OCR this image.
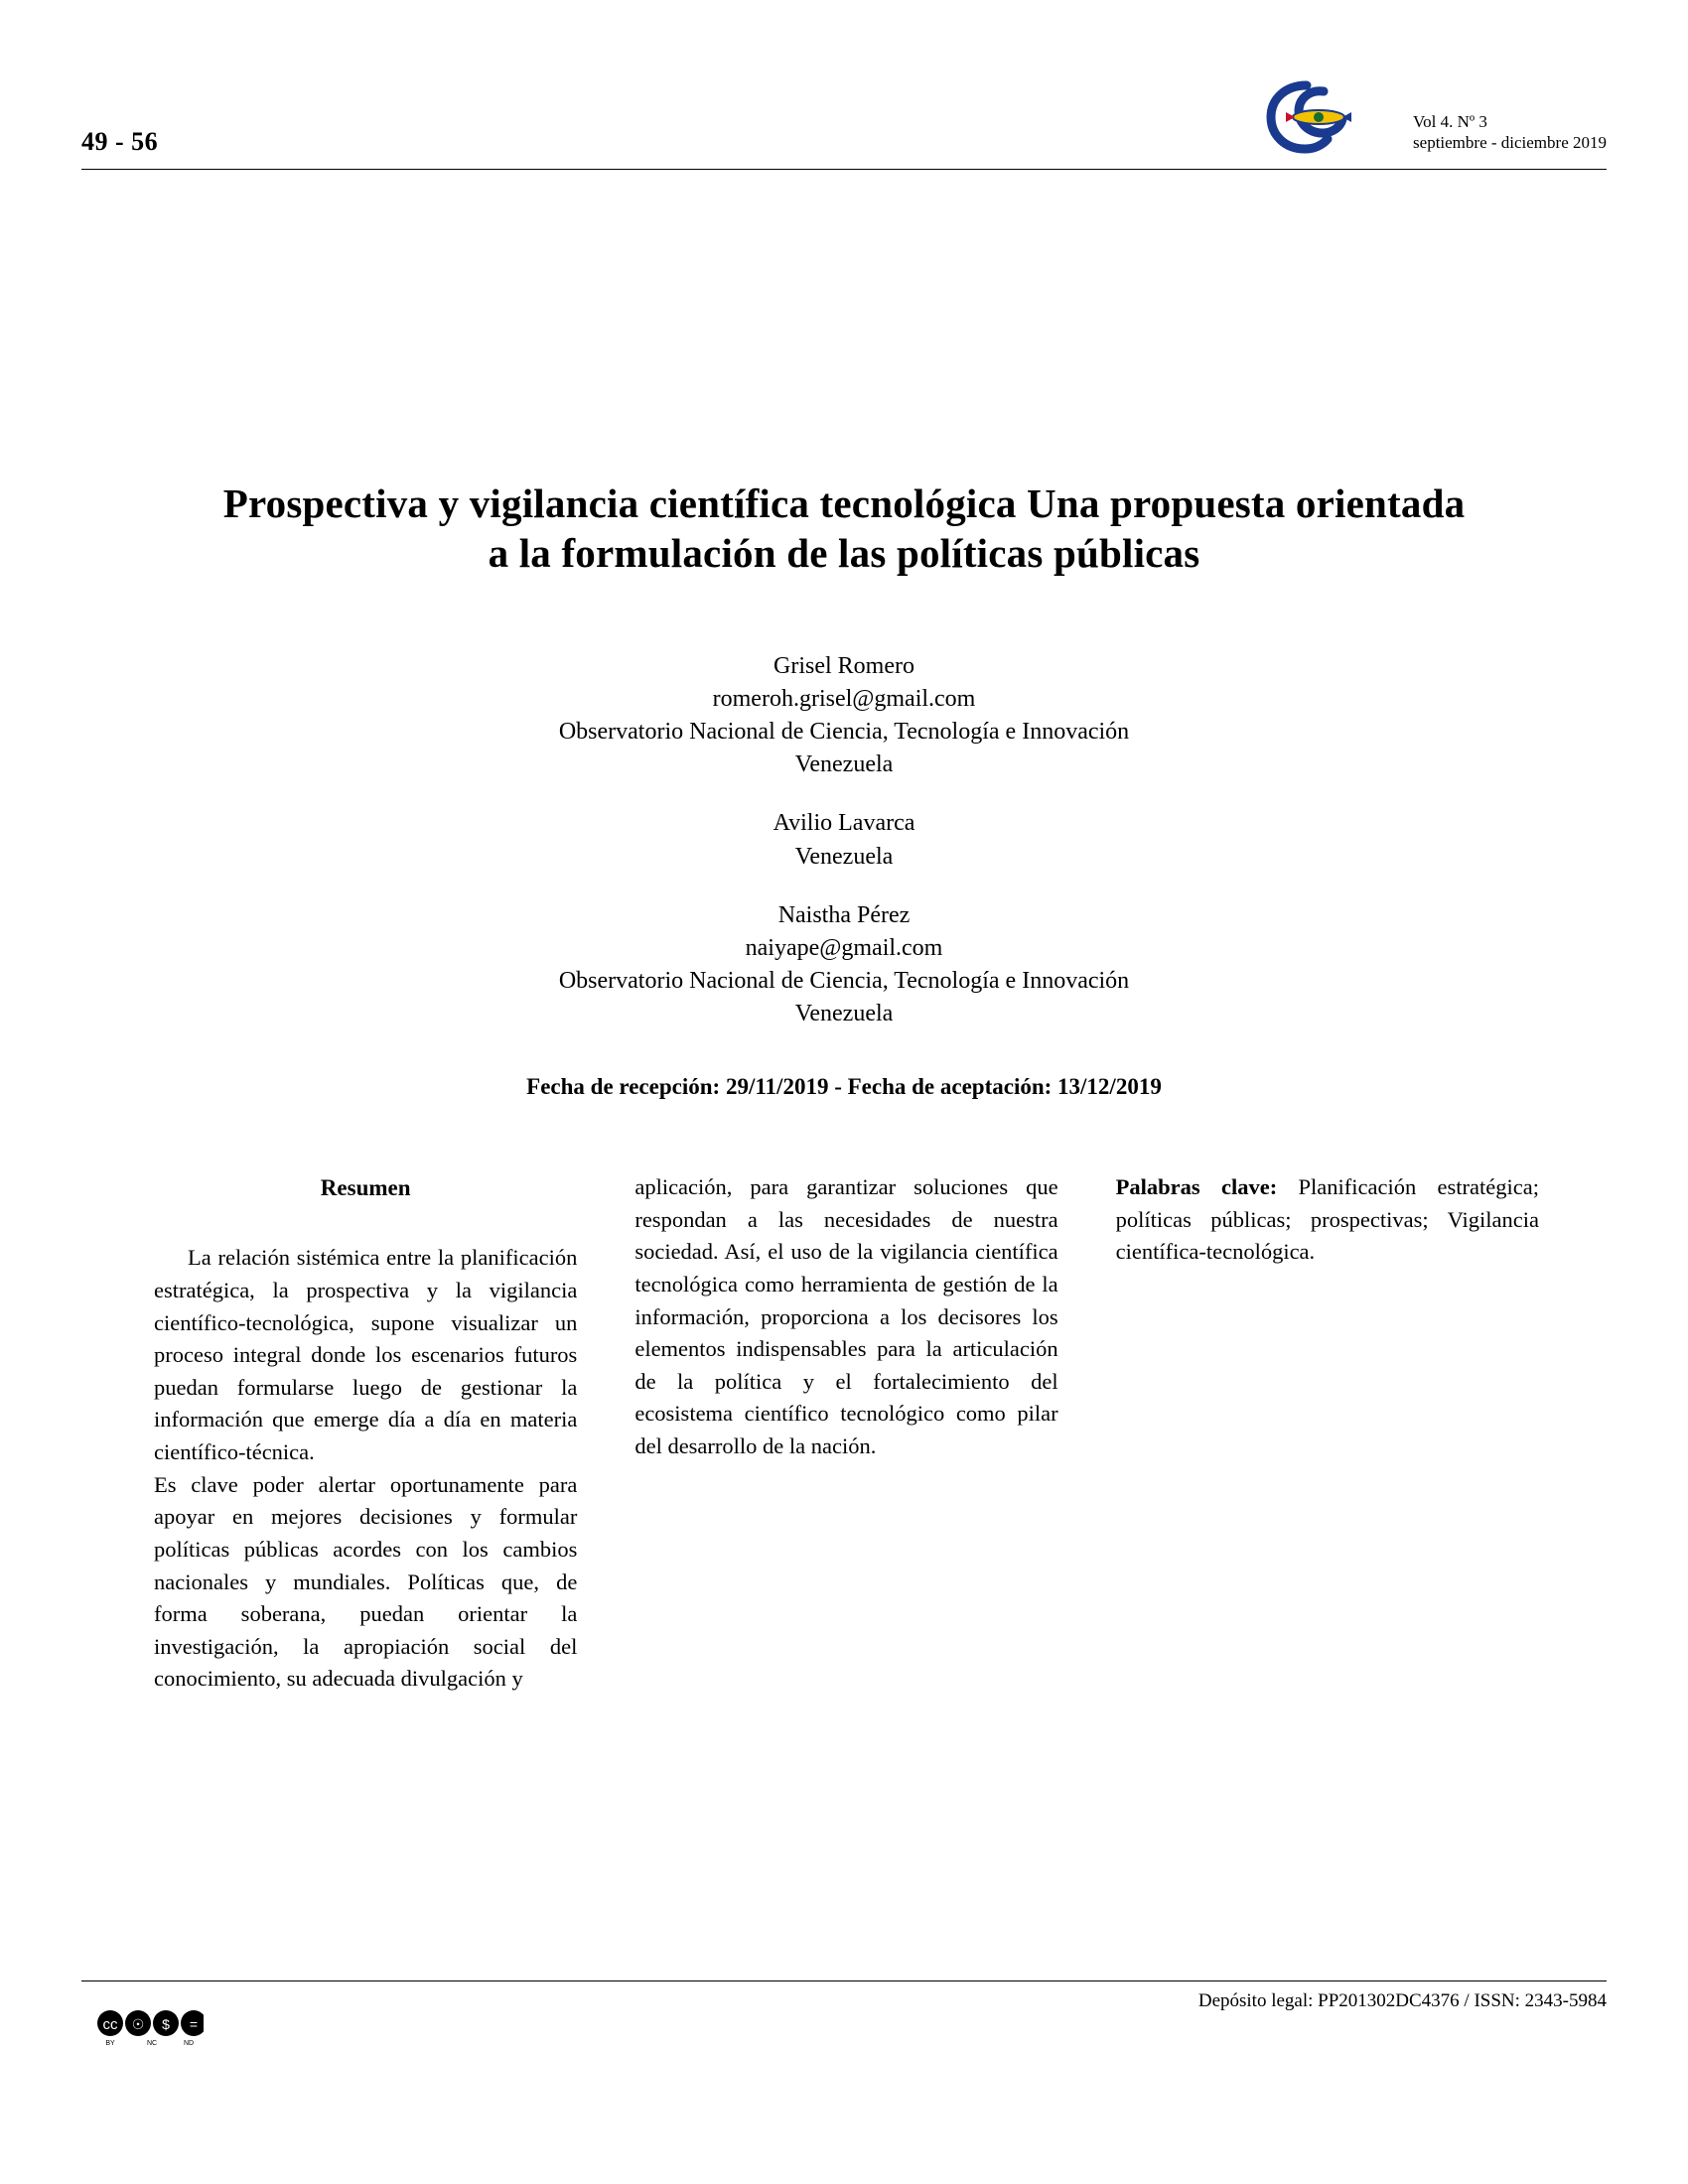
49 - 56
Vol 4. Nº 3
septiembre - diciembre 2019
Prospectiva y vigilancia científica tecnológica Una propuesta orientada a la formulación de las políticas públicas
Grisel Romero
romeroh.grisel@gmail.com
Observatorio Nacional de Ciencia, Tecnología e Innovación
Venezuela
Avilio Lavarca
Venezuela
Naistha Pérez
naiyape@gmail.com
Observatorio Nacional de Ciencia, Tecnología e Innovación
Venezuela
Fecha de recepción: 29/11/2019 - Fecha de aceptación: 13/12/2019
Resumen

La relación sistémica entre la planificación estratégica, la prospectiva y la vigilancia científico-tecnológica, supone visualizar un proceso integral donde los escenarios futuros puedan formularse luego de gestionar la información que emerge día a día en materia científico-técnica.

Es clave poder alertar oportunamente para apoyar en mejores decisiones y formular políticas públicas acordes con los cambios nacionales y mundiales. Políticas que, de forma soberana, puedan orientar la investigación, la apropiación social del conocimiento, su adecuada divulgación y

aplicación, para garantizar soluciones que respondan a las necesidades de nuestra sociedad. Así, el uso de la vigilancia científica tecnológica como herramienta de gestión de la información, proporciona a los decisores los elementos indispensables para la articulación de la política y el fortalecimiento del ecosistema científico tecnológico como pilar del desarrollo de la nación.

Palabras clave: Planificación estratégica; políticas públicas; prospectivas; Vigilancia científica-tecnológica.

cc ☉ $ =
BY	NC	ND
Depósito legal: PP201302DC4376 / ISSN: 2343-5984
